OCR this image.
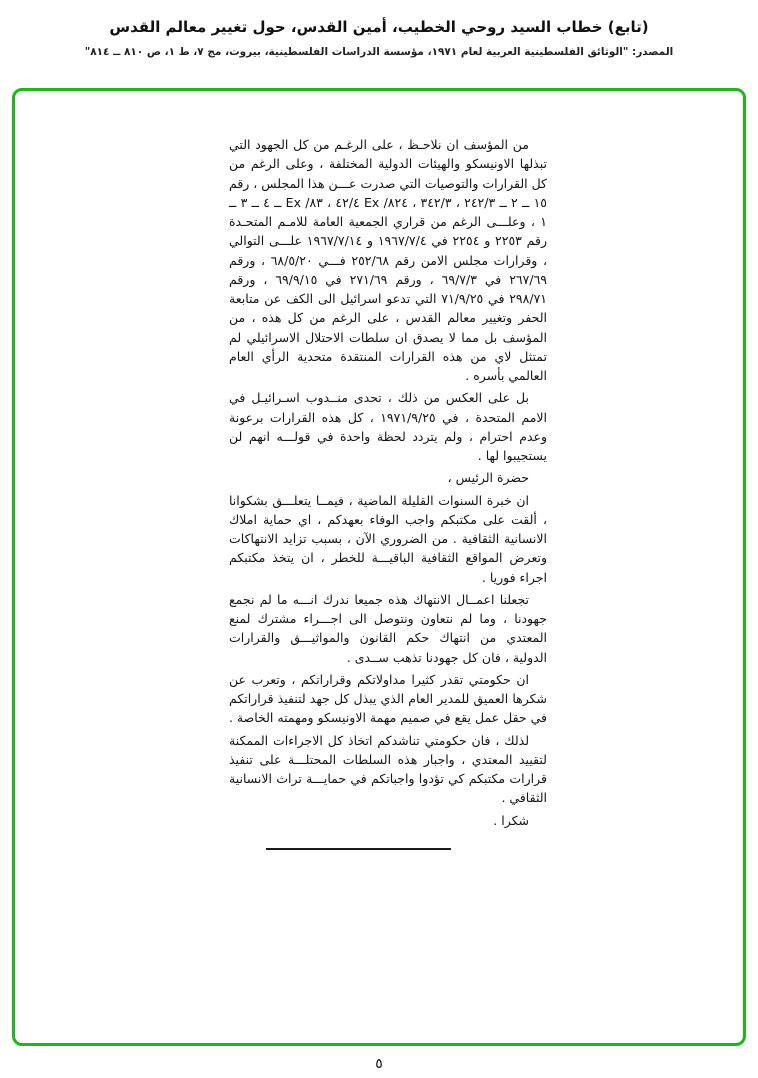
(تابع) خطاب السيد روحي الخطيب، أمين القدس، حول تغيير معالم القدس
المصدر: "الوثائق الفلسطينية العربية لعام ١٩٧١، مؤسسة الدراسات الفلسطينية، بيروت، مج ٧، ط ١، ص ٨١٠ ــ ٨١٤"

من المؤسف ان نلاحـظ ، على الرغـم من كل الجهود التي تبذلها الاونيسكو والهيئات الدولية المختلفة ، وعلى الرغم من كل القرارات والتوصيات التي صدرت عـــن هذا المجلس ، رقم ١٥ ــ ٢ ــ ٢٤٢/٣ ، ٣٤٢/٣ ، ٨٢٤/ Ex ٤٢/٤ ، ٨٣/ Ex ــ ٤ ــ ٣ ــ ١ ، وعلـــى الرغم من قراري الجمعية العامة للامـم المتحـدة رقم ٢٢٥٣ و ٢٢٥٤ في ١٩٦٧/٧/٤ و ١٩٦٧/٧/١٤ علـــى التوالي ، وقرارات مجلس الامن رقم ٢٥٢/٦٨ فـــي ٦٨/٥/٢٠ ، ورقم ٢٦٧/٦٩ في ٦٩/٧/٣ ، ورقم ٢٧١/٦٩ في ٦٩/٩/١٥ ، ورقم ٢٩٨/٧١ في ٧١/٩/٢٥ التي تدعو اسرائيل الى الكف عن متابعة الحفر وتغيير معالم القدس ، على الرغم من كل هذه ، من المؤسف بل مما لا يصدق ان سلطات الاحتلال الاسرائيلي لم تمتثل لاي من هذه القرارات المنتقدة متحدية الرأي العام العالمي بأسره .

بل على العكس من ذلك ، تحدى منــدوب اسـرائيـل في الامم المتحدة ، في ١٩٧١/٩/٢٥ ، كل هذه القرارات برعونة وعدم احترام ، ولم يتردد لحظة واحدة في قولـــه انهم لن يستجيبوا لها .

حضرة الرئيس ،

ان خبرة السنوات القليلة الماضية ، فيمــا يتعلـــق بشكوانا ، ألقت على مكتبكم واجب الوفاء بعهدكم ، اي حماية املاك الانسانية الثقافية . من الضروري الآن ، بسبب تزايد الانتهاكات وتعرض المواقع الثقافية الباقيـــة للخطر ، ان يتخذ مكتبكم اجراء فوريا .

تجعلنا اعمــال الانتهاك هذه جميعا ندرك انـــه ما لم نجمع جهودنا ، وما لم نتعاون ونتوصل الى اجـــراء مشترك لمنع المعتدي من انتهاك حكم القانون والمواثيـــق والقرارات الدولية ، فان كل جهودنا تذهب ســدى .

ان حكومتي تقدر كثيرا مداولاتكم وقراراتكم ، وتعرب عن شكرها العميق للمدير العام الذي يبذل كل جهد لتنفيذ قراراتكم في حقل عمل يقع في صميم مهمة الاونيسكو ومهمته الخاصة .

لذلك ، فان حكومتي تناشدكم اتخاذ كل الاجراءات الممكنة لتقييد المعتدي ، واجبار هذه السلطات المحتلـــة على تنفيذ قرارات مكتبكم كي تؤدوا واجباتكم في حمايـــة تراث الانسانية الثقافي .

شكرا .

٥
